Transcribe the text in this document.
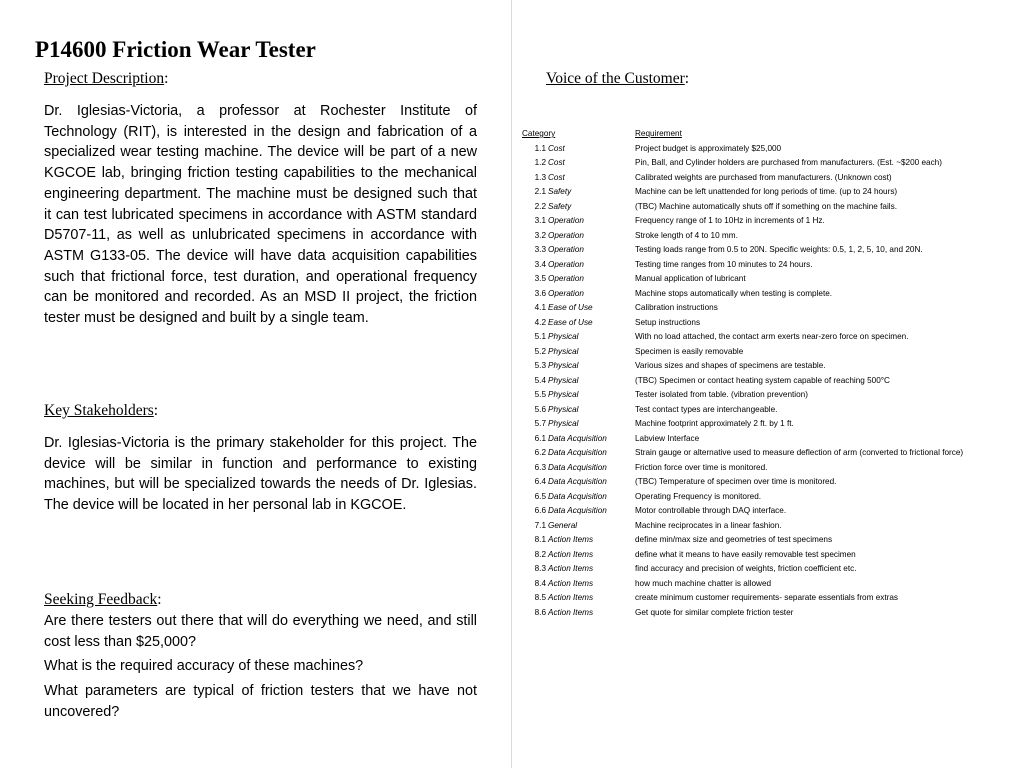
P14600 Friction Wear Tester

Project Description:

Dr. Iglesias-Victoria, a professor at Rochester Institute of Technology (RIT), is interested in the design and fabrication of a specialized wear testing machine. The device will be part of a new KGCOE lab, bringing friction testing capabilities to the mechanical engineering department. The machine must be designed such that it can test lubricated specimens in accordance with ASTM standard D5707-11, as well as unlubricated specimens in accordance with ASTM G133-05. The device will have data acquisition capabilities such that frictional force, test duration, and operational frequency can be monitored and recorded. As an MSD II project, the friction tester must be designed and built by a single team.

Key Stakeholders:

Dr. Iglesias-Victoria is the primary stakeholder for this project. The device will be similar in function and performance to existing machines, but will be specialized towards the needs of Dr. Iglesias. The device will be located in her personal lab in KGCOE.

Seeking Feedback:

Are there testers out there that will do everything we need, and still cost less than $25,000?

What is the required accuracy of these machines?

What parameters are typical of friction testers that we have not uncovered?

Voice of the Customer:

Category	Requirement
1.1 Cost	Project budget is approximately $25,000
1.2 Cost	Pin, Ball, and Cylinder holders are purchased from manufacturers. (Est. ~$200 each)
1.3 Cost	Calibrated weights are purchased from manufacturers. (Unknown cost)
2.1 Safety	Machine can be left unattended for long periods of time. (up to 24 hours)
2.2 Safety	(TBC) Machine automatically shuts off if something on the machine fails.
3.1 Operation	Frequency range of 1 to 10Hz in increments of 1 Hz.
3.2 Operation	Stroke length of 4 to 10 mm.
3.3 Operation	Testing loads range from 0.5 to 20N. Specific weights: 0.5, 1, 2, 5, 10, and 20N.
3.4 Operation	Testing time ranges from 10 minutes to 24 hours.
3.5 Operation	Manual application of lubricant
3.6 Operation	Machine stops automatically when testing is complete.
4.1 Ease of Use	Calibration instructions
4.2 Ease of Use	Setup instructions
5.1 Physical	With no load attached, the contact arm exerts near-zero force on specimen.
5.2 Physical	Specimen is easily removable
5.3 Physical	Various sizes and shapes of specimens are testable.
5.4 Physical	(TBC) Specimen or contact heating system capable of reaching 500°C
5.5 Physical	Tester isolated from table. (vibration prevention)
5.6 Physical	Test contact types are interchangeable.
5.7 Physical	Machine footprint approximately 2 ft. by 1 ft.
6.1 Data Acquisition	Labview Interface
6.2 Data Acquisition	Strain gauge or alternative used to measure deflection of arm (converted to frictional force)
6.3 Data Acquisition	Friction force over time is monitored.
6.4 Data Acquisition	(TBC) Temperature of specimen over time is monitored.
6.5 Data Acquisition	Operating Frequency is monitored.
6.6 Data Acquisition	Motor controllable through DAQ interface.
7.1 General	Machine reciprocates in a linear fashion.
8.1 Action Items	define min/max size and geometries of test specimens
8.2 Action Items	define what it means to have easily removable test specimen
8.3 Action Items	find accuracy and precision of weights, friction coefficient etc.
8.4 Action Items	how much machine chatter is allowed
8.5 Action Items	create minimum customer requirements- separate essentials from extras
8.6 Action Items	Get quote for similar complete friction tester
